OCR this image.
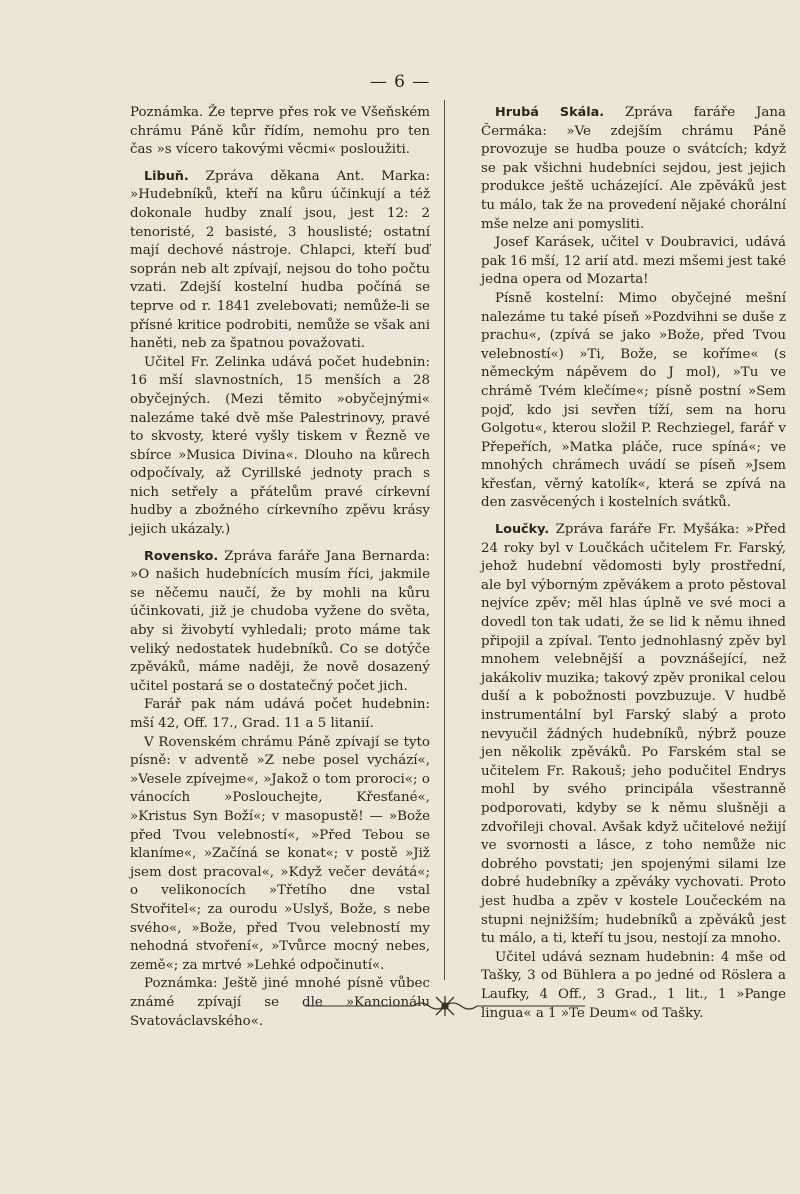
— 6 —

Poznámka. Že teprve přes rok ve Všeňském chrámu Páně kůr řídím, nemohu pro ten čas »s vícero takovými věcmi« posloužiti.

Libuň. Zpráva děkana Ant. Marka: »Hudebníků, kteří na kůru účinkují a též dokonale hudby znalí jsou, jest 12: 2 tenoristé, 2 basisté, 3 houslisté; ostatní mají dechové nástroje. Chlapci, kteří buď soprán neb alt zpívají, nejsou do toho počtu vzati. Zdejší kostelní hudba počíná se teprve od r. 1841 zvelebovati; nemůže-li se přísné kritice podrobiti, nemůže se však ani haněti, neb za špatnou považovati.

Učitel Fr. Zelinka udává počet hudebnin: 16 mší slavnostních, 15 menších a 28 obyčejných. (Mezi těmito »obyčejnými« nalezáme také dvě mše Palestrinovy, pravé to skvosty, které vyšly tiskem v Řezně ve sbírce »Musica Divina«. Dlouho na kůrech odpočívaly, až Cyrillské jednoty prach s nich setřely a přátelům pravé církevní hudby a zbožného církevního zpěvu krásy jejich ukázaly.)

Rovensko. Zpráva faráře Jana Bernarda: »O našich hudebnících musím říci, jakmile se něčemu naučí, že by mohli na kůru účinkovati, již je chudoba vyžene do světa, aby si živobytí vyhledali; proto máme tak veliký nedostatek hudebníků. Co se dotýče zpěváků, máme naději, že nově dosazený učitel postará se o dostatečný počet jich.

Farář pak nám udává počet hudebnin: mší 42, Off. 17., Grad. 11 a 5 litanií.

V Rovenském chrámu Páně zpívají se tyto písně: v adventě »Z nebe posel vychází«, »Vesele zpívejme«, »Jakož o tom proroci«; o vánocích »Poslouchejte, Křesťané«, »Kristus Syn Boží«; v masopustě! — »Bože před Tvou velebností«, »Před Tebou se klaníme«, »Začíná se konat«; v postě »Již jsem dost pracoval«, »Když večer devátá«; o velikonocích »Třetího dne vstal Stvořitel«; za ourodu »Uslyš, Bože, s nebe svého«, »Bože, před Tvou velebností my nehodná stvoření«, »Tvůrce mocný nebes, země«; za mrtvé »Lehké odpočinutí«.

Poznámka: Ještě jiné mnohé písně vůbec známé zpívají se dle »Kancionálu Svatováclavského«.

Hrubá Skála. Zpráva faráře Jana Čermáka: »Ve zdejším chrámu Páně provozuje se hudba pouze o svátcích; když se pak všichni hudebníci sejdou, jest jejich produkce ještě ucházející. Ale zpěváků jest tu málo, tak že na provedení nějaké chorální mše nelze ani pomysliti.

Josef Karásek, učitel v Doubravici, udává pak 16 mší, 12 arií atd. mezi mšemi jest také jedna opera od Mozarta!

Písně kostelní: Mimo obyčejné mešní nalezáme tu také píseň »Pozdvihni se duše z prachu«, (zpívá se jako »Bože, před Tvou velebností«) »Ti, Bože, se koříme« (s německým nápěvem do J mol), »Tu ve chrámě Tvém klečíme«; písně postní »Sem pojď, kdo jsi sevřen tíží, sem na horu Golgotu«, kterou složil P. Rechziegel, farář v Přepeřích, »Matka pláče, ruce spíná«; ve mnohých chrámech uvádí se píseň »Jsem křesťan, věrný katolík«, která se zpívá na den zasvěcených i kostelních svátků.

Loučky. Zpráva faráře Fr. Myšáka: »Před 24 roky byl v Loučkách učitelem Fr. Farský, jehož hudební vědomosti byly prostřední, ale byl výborným zpěvákem a proto pěstoval nejvíce zpěv; měl hlas úplně ve své moci a dovedl ton tak udati, že se lid k němu ihned připojil a zpíval. Tento jednohlasný zpěv byl mnohem velebnější a povznášející, než jakákoliv muzika; takový zpěv pronikal celou duší a k pobožnosti povzbuzuje. V hudbě instrumentální byl Farský slabý a proto nevyučil žádných hudebníků, nýbrž pouze jen několik zpěváků. Po Farském stal se učitelem Fr. Rakouš; jeho podučitel Endrys mohl by svého principála všestranně podporovati, kdyby se k němu slušněji a zdvořileji choval. Avšak když učitelové nežijí ve svornosti a lásce, z toho nemůže nic dobrého povstati; jen spojenými silami lze dobré hudebníky a zpěváky vychovati. Proto jest hudba a zpěv v kostele Loučeckém na stupni nejnižším; hudebníků a zpěváků jest tu málo, a ti, kteří tu jsou, nestojí za mnoho.

Učitel udává seznam hudebnin: 4 mše od Tašky, 3 od Bühlera a po jedné od Röslera a Laufky, 4 Off., 3 Grad., 1 lit., 1 »Pange lingua« a 1 »Te Deum« od Tašky.
